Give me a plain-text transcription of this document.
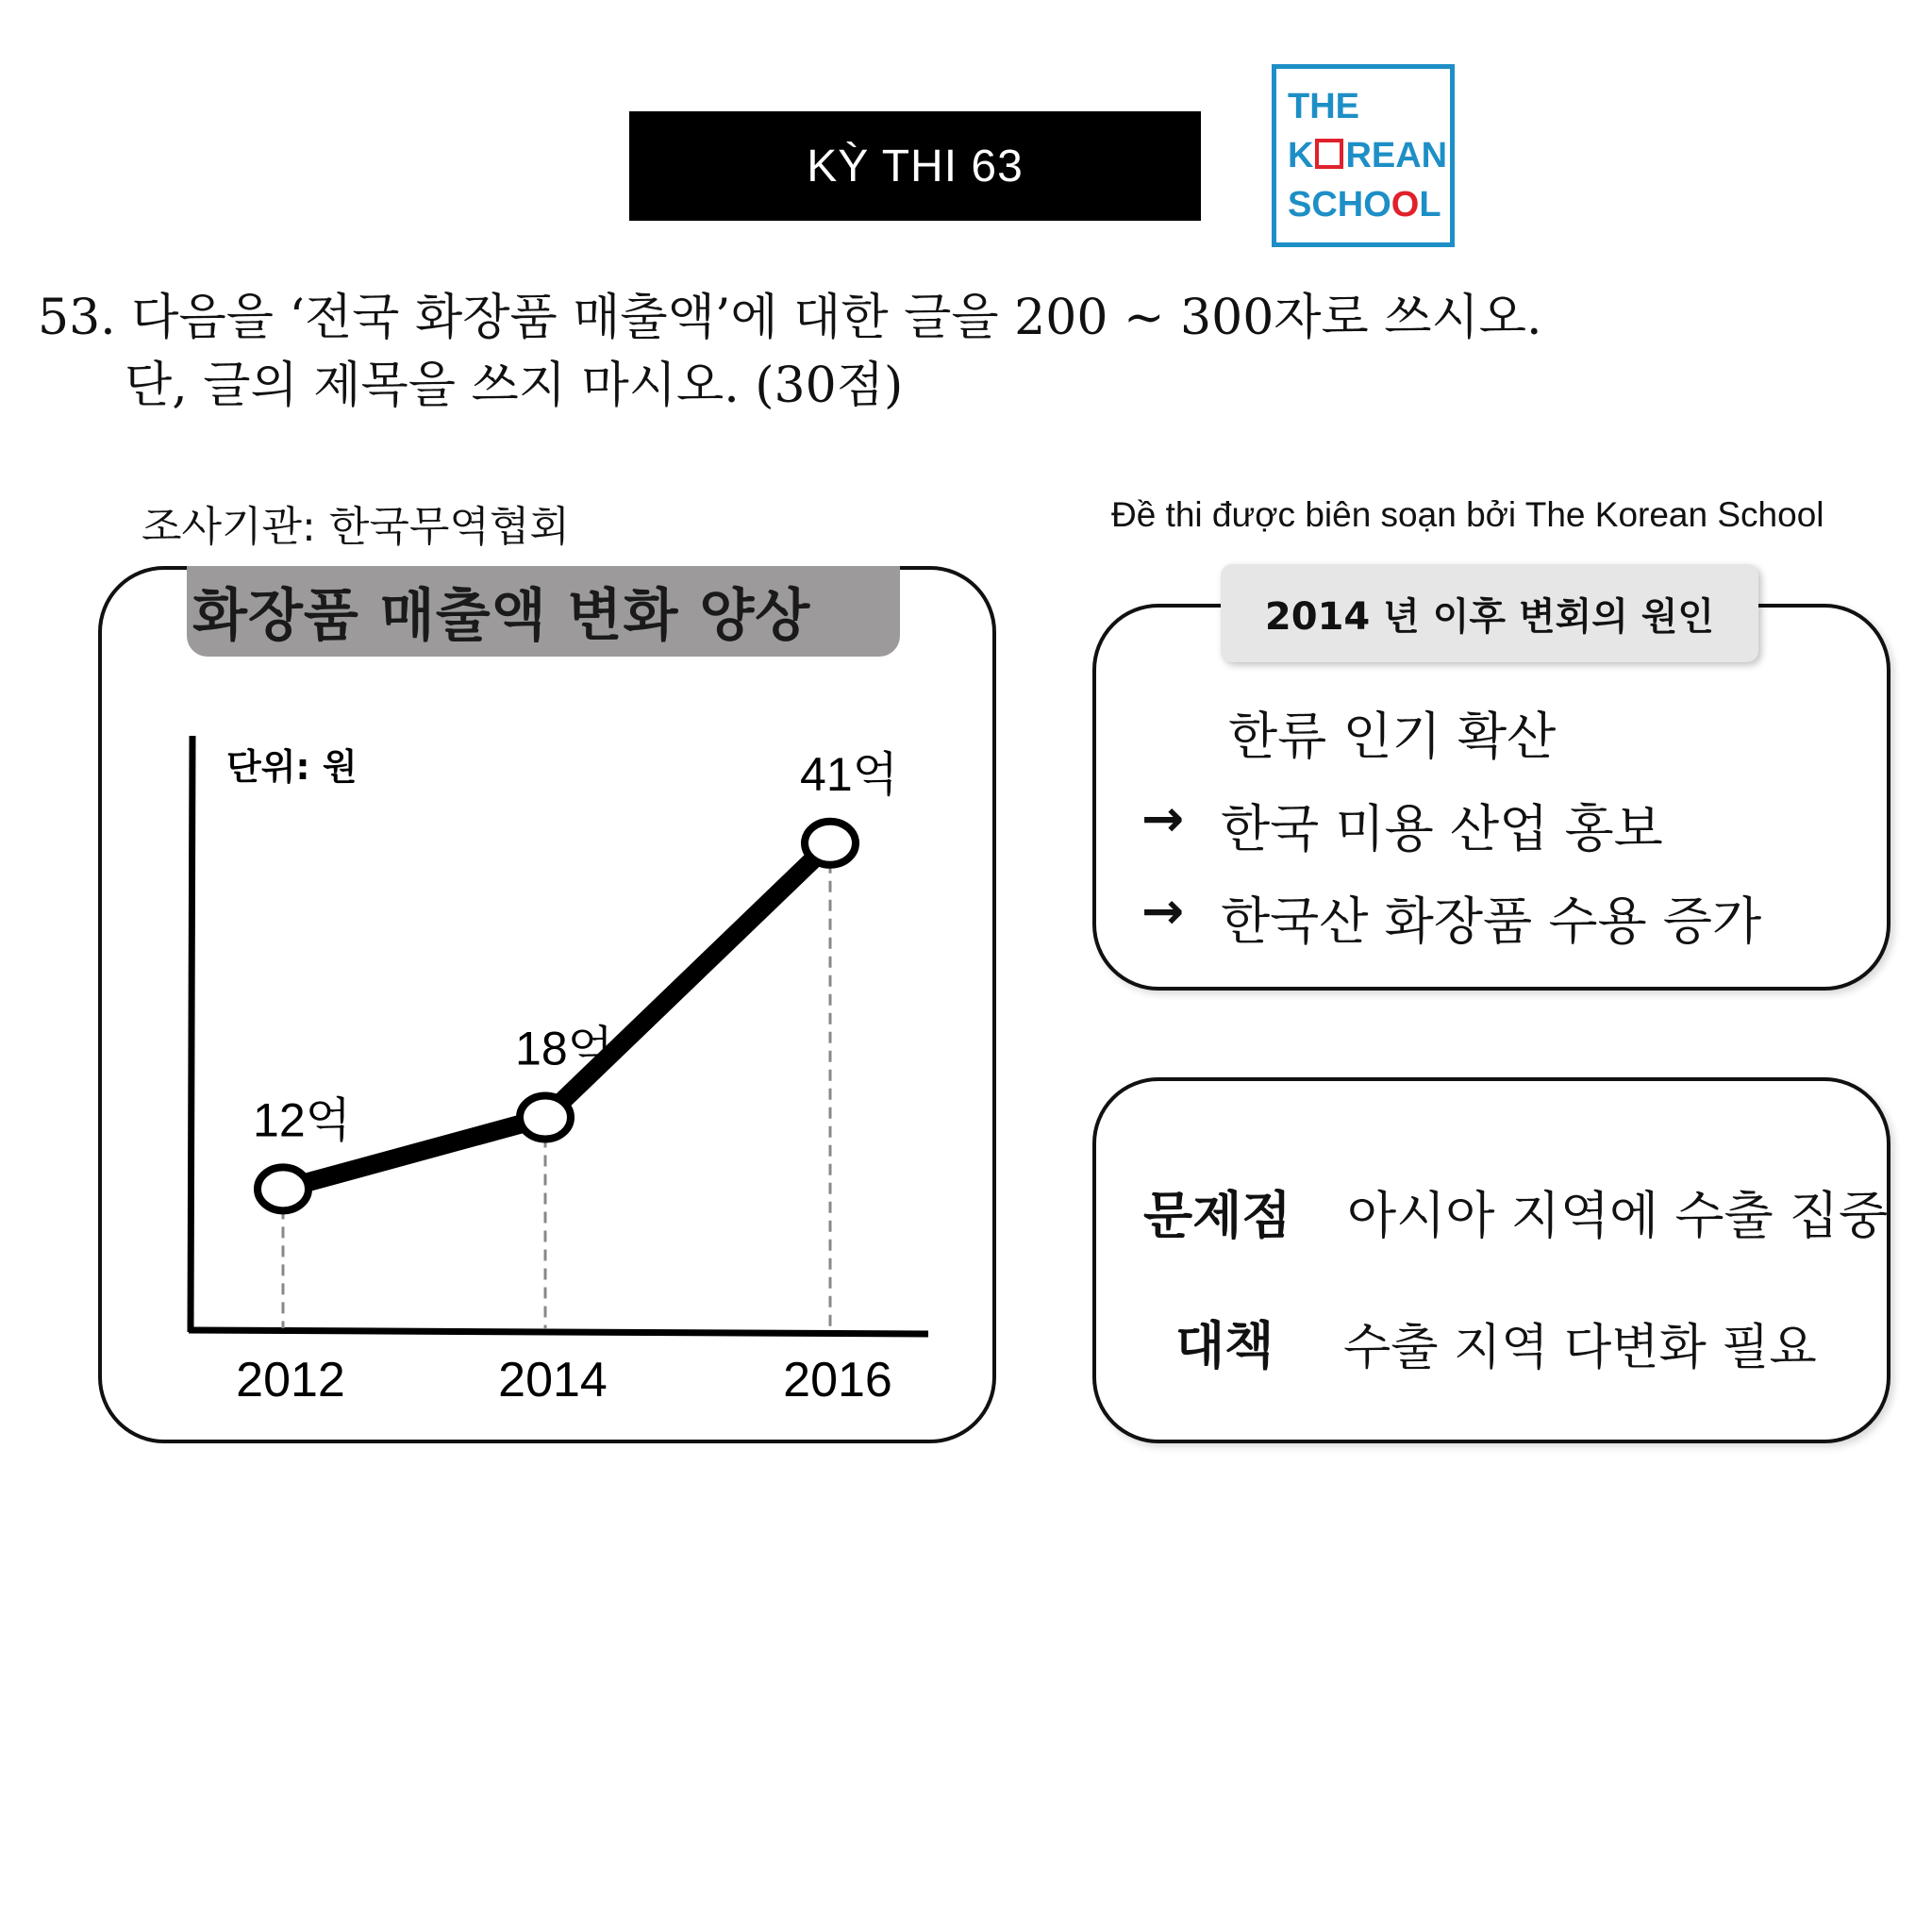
KỲ THI 63
THE
K REAN
SCHOOL
53. 다음을 ‘전국 화장품 매출액’에 대한 글을 200 ~ 300자로 쓰시오.
단, 글의 제목을 쓰지 마시오. (30점)
조사기관: 한국무역협회	Đề thi được biên soạn bởi The Korean School
화장품 매출액 변화 양상
단위: 원
12억
18억
41억
2012	2014	2016
2014 년 이후 변회의 원인
한류 인기 확산
→ 한국 미용 산업 홍보
→ 한국산 화장품 수용 증가
문제점 아시아 지역에 수출 집중
대책 수출 지역 다변화 필요
